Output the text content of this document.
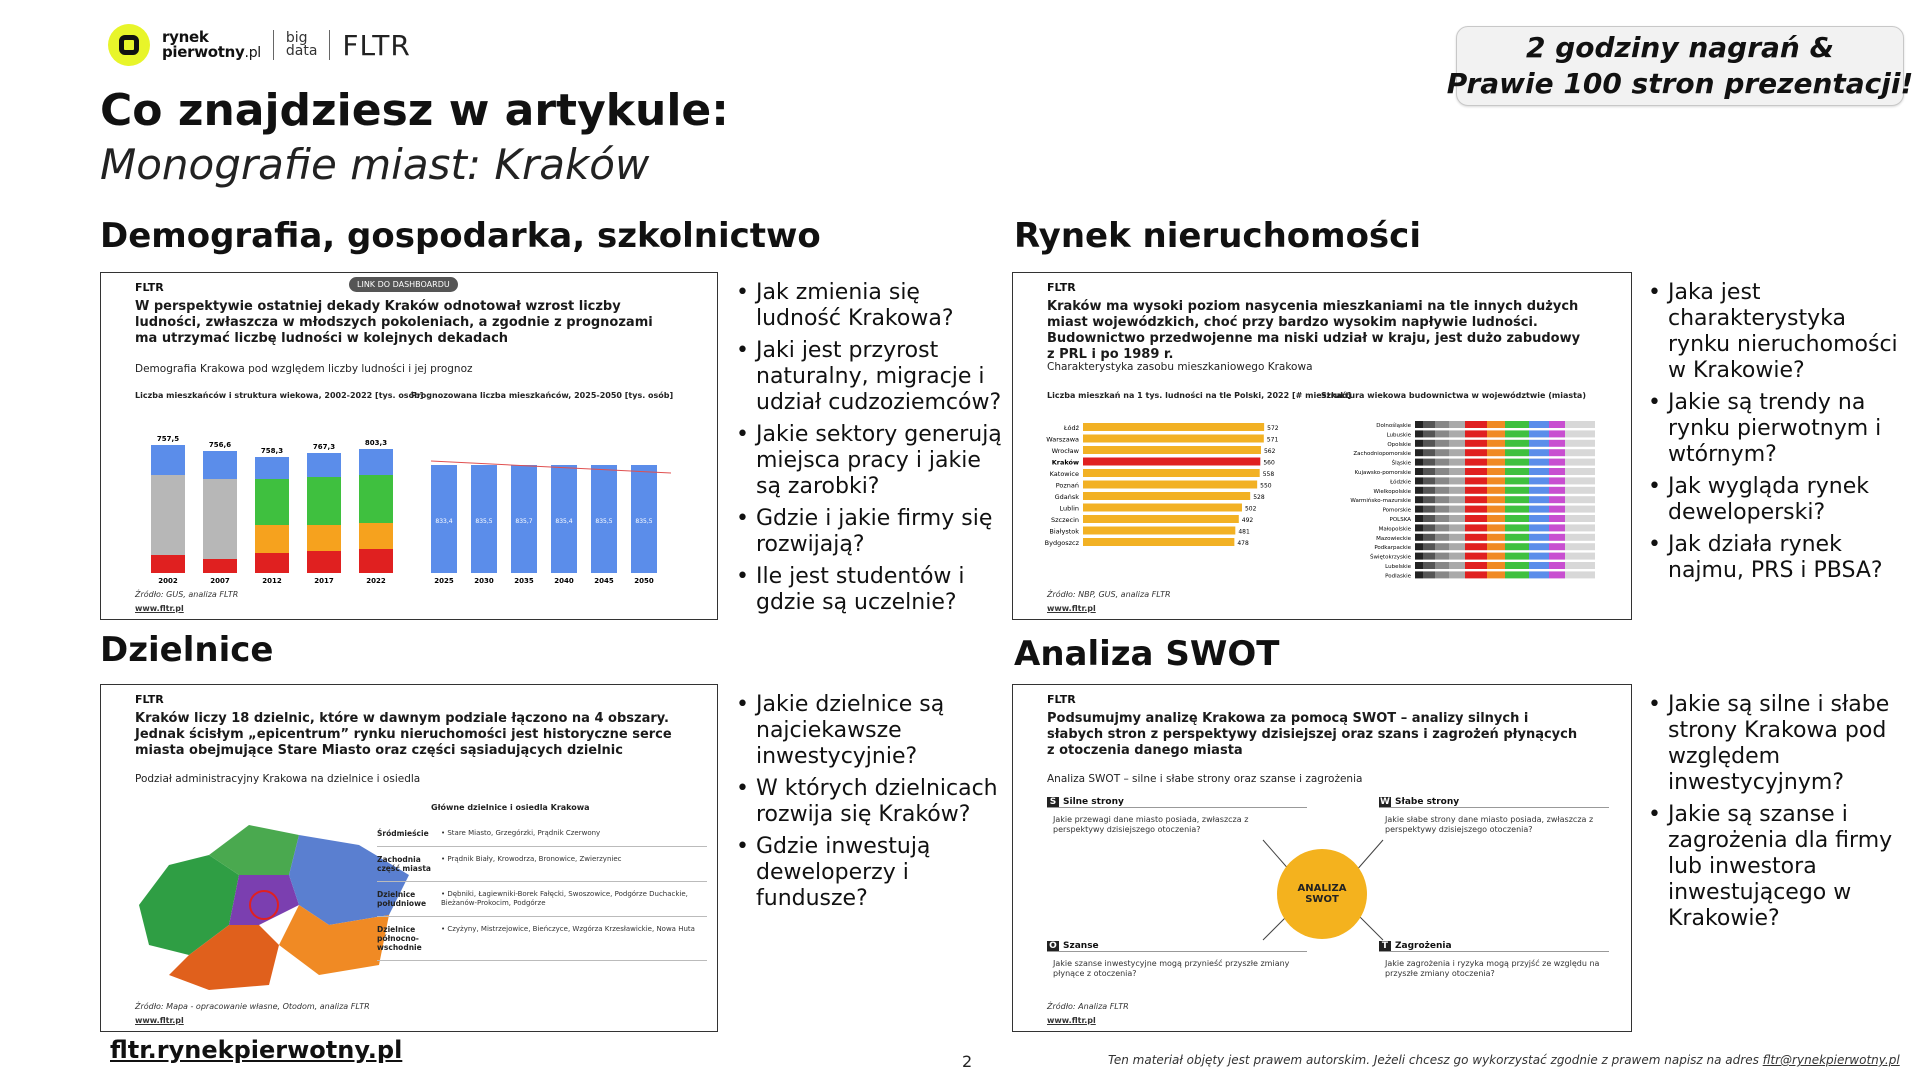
rynek
pierwotny.pl
big
data FLTR	2 godziny nagrań &
Prawie 100 stron prezentacji!
Co znajdziesz w artykule:
Monografie miast: Kraków
Demografia, gospodarka, szkolnictwo	Rynek nieruchomości
Dzielnice	Analiza SWOT
FLTR	LINK DO DASHBOARDU
W perspektywie ostatniej dekady Kraków odnotował wzrost liczby ludności, zwłaszcza w młodszych pokoleniach, a zgodnie z prognozami ma utrzymać liczbę ludności w kolejnych dekadach
Demografia Krakowa pod względem liczby ludności i jej prognoz
Liczba mieszkańców i struktura wiekowa, 2002-2022 [tys. osób]
Prognozowana liczba mieszkańców, 2025-2050 [tys. osób]
757,5
2002
756,6
2007
758,3
2012
767,3
2017
803,3
2022
833,4
2025
835,5
2030
835,7
2035
835,4
2040
835,5
2045
835,5
2050
Źródło: GUS, analiza FLTR
www.fltr.pl
• Jak zmienia się ludność Krakowa?
• Jaki jest przyrost naturalny, migracje i udział cudzoziemców?
• Jakie sektory generują miejsca pracy i jakie są zarobki?
• Gdzie i jakie firmy się rozwijają?
• Ile jest studentów i gdzie są uczelnie?
FLTR
Kraków ma wysoki poziom nasycenia mieszkaniami na tle innych dużych miast wojewódzkich, choć przy bardzo wysokim napływie ludności. Budownictwo przedwojenne ma niski udział w kraju, jest dużo zabudowy z PRL i po 1989 r.
Charakterystyka zasobu mieszkaniowego Krakowa
Liczba mieszkań na 1 tys. ludności na tle Polski, 2022 [# mieszkań]
Struktura wiekowa budownictwa w województwie (miasta)
Łódź	572
Warszawa	571
Wrocław	562
Kraków	560
Katowice	558
Poznań	550
Gdańsk	528
Lublin	502
Szczecin	492
Białystok	481
Bydgoszcz	478
Dolnośląskie
Lubuskie
Opolskie
Zachodniopomorskie
Śląskie
Kujawsko-pomorskie
Łódzkie
Wielkopolskie
Warmińsko-mazurskie
Pomorskie
POLSKA
Małopolskie
Mazowieckie
Podkarpackie
Świętokrzyskie
Lubelskie
Podlaskie
Źródło: NBP, GUS, analiza FLTR
www.fltr.pl
• Jaka jest charakterystyka rynku nieruchomości w Krakowie?
• Jakie są trendy na rynku pierwotnym i wtórnym?
• Jak wygląda rynek deweloperski?
• Jak działa rynek najmu, PRS i PBSA?
FLTR
Kraków liczy 18 dzielnic, które w dawnym podziale łączono na 4 obszary. Jednak ścisłym „epicentrum” rynku nieruchomości jest historyczne serce miasta obejmujące Stare Miasto oraz części sąsiadujących dzielnic
Podział administracyjny Krakowa na dzielnice i osiedla
Główne dzielnice i osiedla Krakowa
Śródmieście	• Stare Miasto, Grzegórzki, Prądnik Czerwony
Zachodnia część miasta
• Prądnik Biały, Krowodrza, Bronowice, Zwierzyniec
Dzielnice południowe
• Dębniki, Łagiewniki-Borek Fałęcki, Swoszowice, Podgórze Duchackie, Bieżanów-Prokocim, Podgórze
Dzielnice północno-wschodnie
• Czyżyny, Mistrzejowice, Bieńczyce, Wzgórza Krzesławickie, Nowa Huta
Źródło: Mapa - opracowanie własne, Otodom, analiza FLTR
www.fltr.pl
• Jakie dzielnice są najciekawsze inwestycyjnie?
• W których dzielnicach rozwija się Kraków?
• Gdzie inwestują deweloperzy i fundusze?
FLTR
Podsumujmy analizę Krakowa za pomocą SWOT – analizy silnych i słabych stron z perspektywy dzisiejszej oraz szans i zagrożeń płynących z otoczenia danego miasta
Analiza SWOT – silne i słabe strony oraz szanse i zagrożenia
S Silne strony
Jakie przewagi dane miasto posiada, zwłaszcza z perspektywy dzisiejszego otoczenia?
W Słabe strony
Jakie słabe strony dane miasto posiada, zwłaszcza z perspektywy dzisiejszego otoczenia?
O Szanse
Jakie szanse inwestycyjne mogą przynieść przyszłe zmiany płynące z otoczenia?
T Zagrożenia
Jakie zagrożenia i ryzyka mogą przyjść ze względu na przyszłe zmiany otoczenia?
ANALIZA SWOT
Źródło: Analiza FLTR
www.fltr.pl
• Jakie są silne i słabe strony Krakowa pod względem inwestycyjnym?
• Jakie są szanse i zagrożenia dla firmy lub inwestora inwestującego w Krakowie?
fltr.rynekpierwotny.pl	2	Ten materiał objęty jest prawem autorskim. Jeżeli chcesz go wykorzystać zgodnie z prawem napisz na adres fltr@rynekpierwotny.pl
